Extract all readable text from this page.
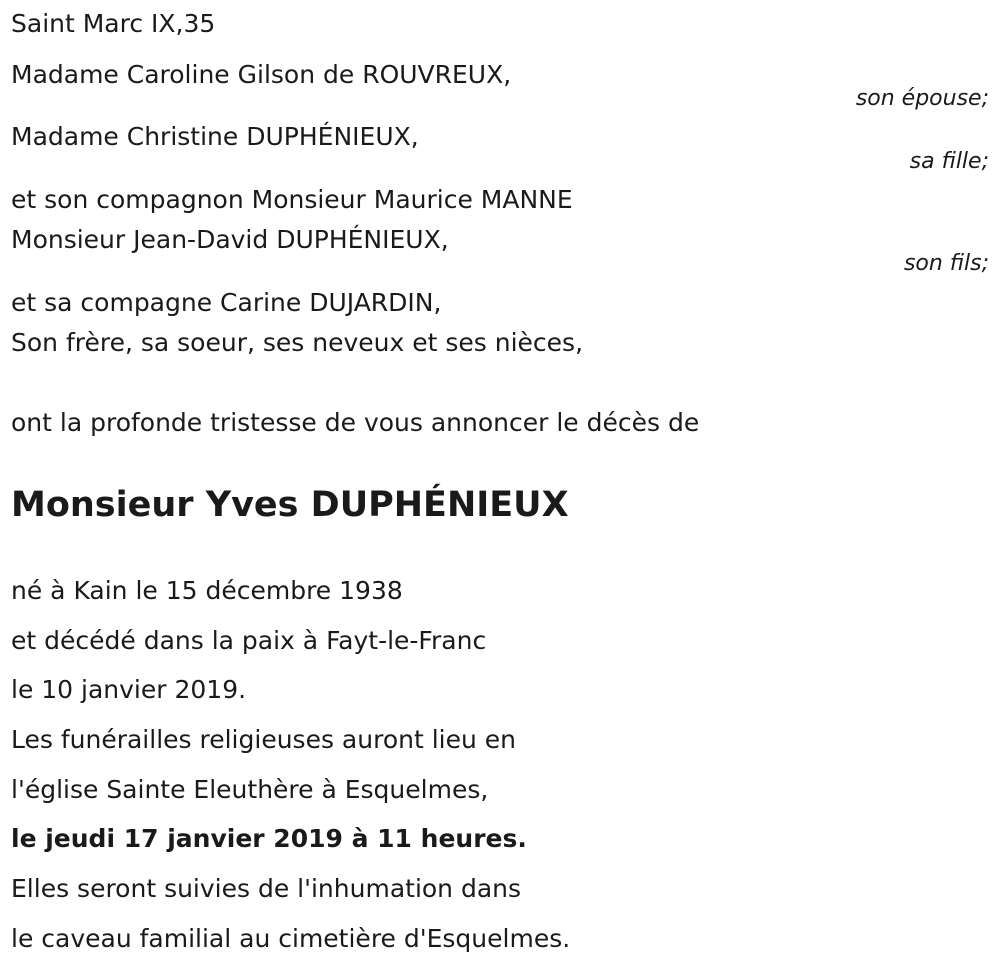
Saint Marc IX,35
Madame Caroline Gilson de ROUVREUX,
son épouse;
Madame Christine DUPHÉNIEUX,
sa fille;
et son compagnon Monsieur Maurice MANNE
Monsieur Jean-David DUPHÉNIEUX,
son fils;
et sa compagne Carine DUJARDIN,
Son frère, sa soeur, ses neveux et ses nièces,
ont la profonde tristesse de vous annoncer le décès de
Monsieur Yves DUPHÉNIEUX
né à Kain le 15 décembre 1938
et décédé dans la paix à Fayt-le-Franc
le 10 janvier 2019.
Les funérailles religieuses auront lieu en
l'église Sainte Eleuthère à Esquelmes,
le jeudi 17 janvier 2019 à 11 heures.
Elles seront suivies de l'inhumation dans
le caveau familial au cimetière d'Esquelmes.
